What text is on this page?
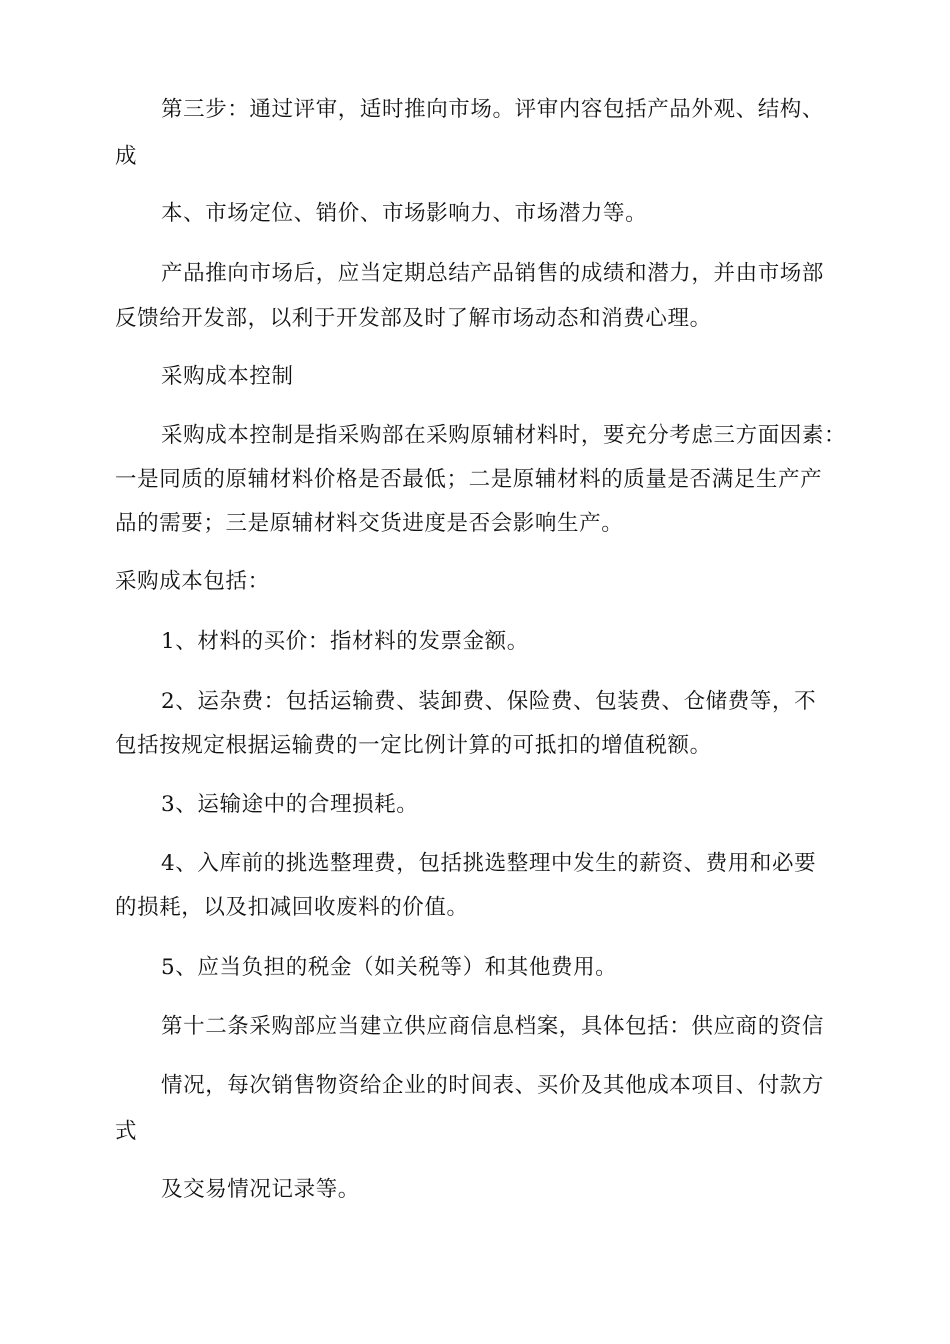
第三步：通过评审，适时推向市场。评审内容包括产品外观、结构、
成
本、市场定位、销价、市场影响力、市场潜力等。
产品推向市场后，应当定期总结产品销售的成绩和潜力，并由市场部
反馈给开发部，以利于开发部及时了解市场动态和消费心理。
采购成本控制
采购成本控制是指采购部在采购原辅材料时，要充分考虑三方面因素：
一是同质的原辅材料价格是否最低；二是原辅材料的质量是否满足生产产
品的需要；三是原辅材料交货进度是否会影响生产。
采购成本包括：
1、材料的买价：指材料的发票金额。
2、运杂费：包括运输费、装卸费、保险费、包装费、仓储费等，不
包括按规定根据运输费的一定比例计算的可抵扣的增值税额。
3、运输途中的合理损耗。
4、入库前的挑选整理费，包括挑选整理中发生的薪资、费用和必要
的损耗，以及扣减回收废料的价值。
5、应当负担的税金（如关税等）和其他费用。
第十二条采购部应当建立供应商信息档案，具体包括：供应商的资信
情况，每次销售物资给企业的时间表、买价及其他成本项目、付款方
式
及交易情况记录等。
